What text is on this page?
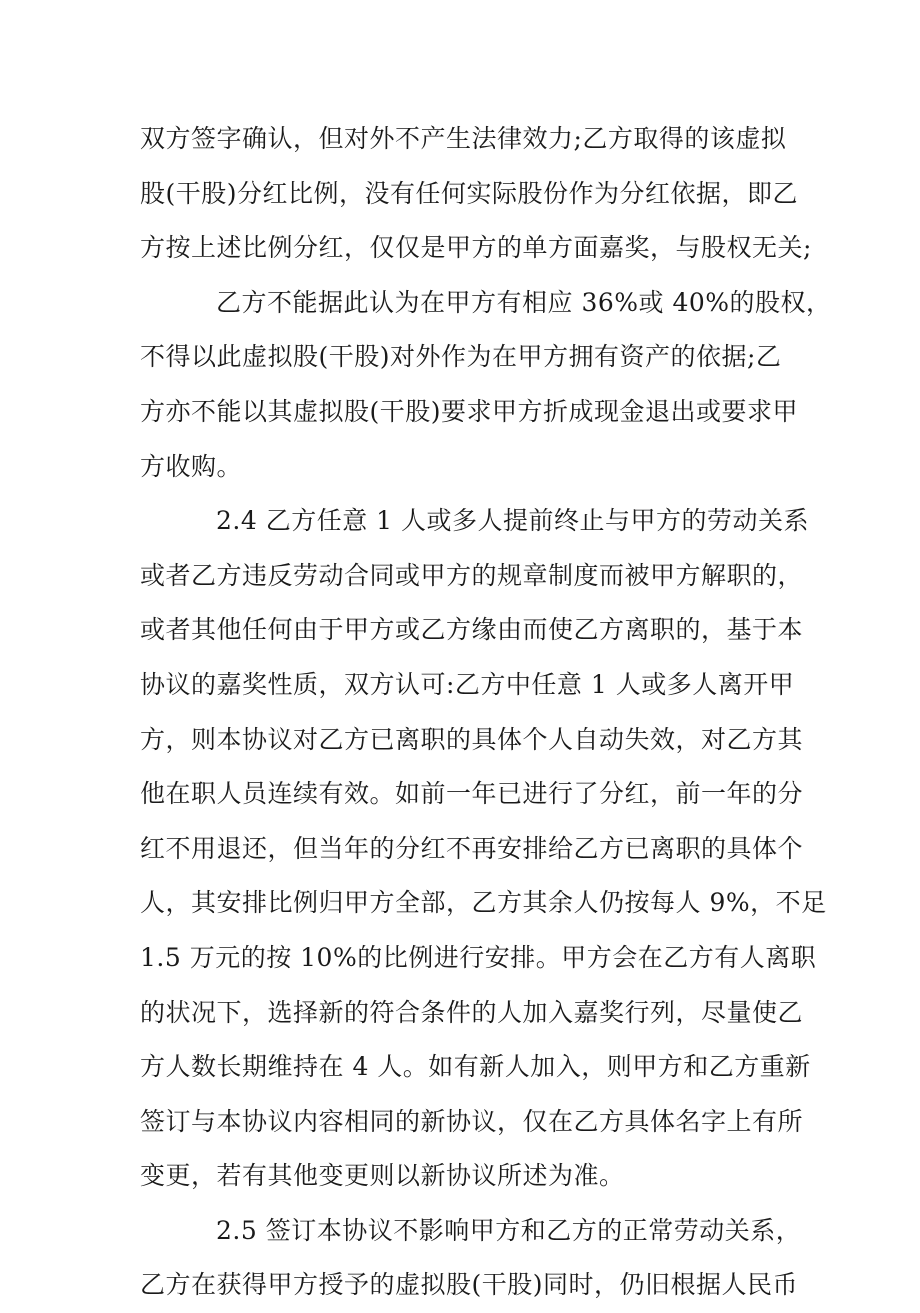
双方签字确认，但对外不产生法律效力;乙方取得的该虚拟
股(干股)分红比例，没有任何实际股份作为分红依据，即乙
方按上述比例分红，仅仅是甲方的单方面嘉奖，与股权无关;

乙方不能据此认为在甲方有相应 36%或 40%的股权，
不得以此虚拟股(干股)对外作为在甲方拥有资产的依据;乙
方亦不能以其虚拟股(干股)要求甲方折成现金退出或要求甲
方收购。

2.4 乙方任意 1 人或多人提前终止与甲方的劳动关系
或者乙方违反劳动合同或甲方的规章制度而被甲方解职的，
或者其他任何由于甲方或乙方缘由而使乙方离职的，基于本
协议的嘉奖性质，双方认可:乙方中任意 1 人或多人离开甲
方，则本协议对乙方已离职的具体个人自动失效，对乙方其
他在职人员连续有效。如前一年已进行了分红，前一年的分
红不用退还，但当年的分红不再安排给乙方已离职的具体个
人，其安排比例归甲方全部，乙方其余人仍按每人 9%，不足
1.5 万元的按 10%的比例进行安排。甲方会在乙方有人离职
的状况下，选择新的符合条件的人加入嘉奖行列，尽量使乙
方人数长期维持在 4 人。如有新人加入，则甲方和乙方重新
签订与本协议内容相同的新协议，仅在乙方具体名字上有所
变更，若有其他变更则以新协议所述为准。

2.5 签订本协议不影响甲方和乙方的正常劳动关系，
乙方在获得甲方授予的虚拟股(干股)同时，仍旧根据人民币
